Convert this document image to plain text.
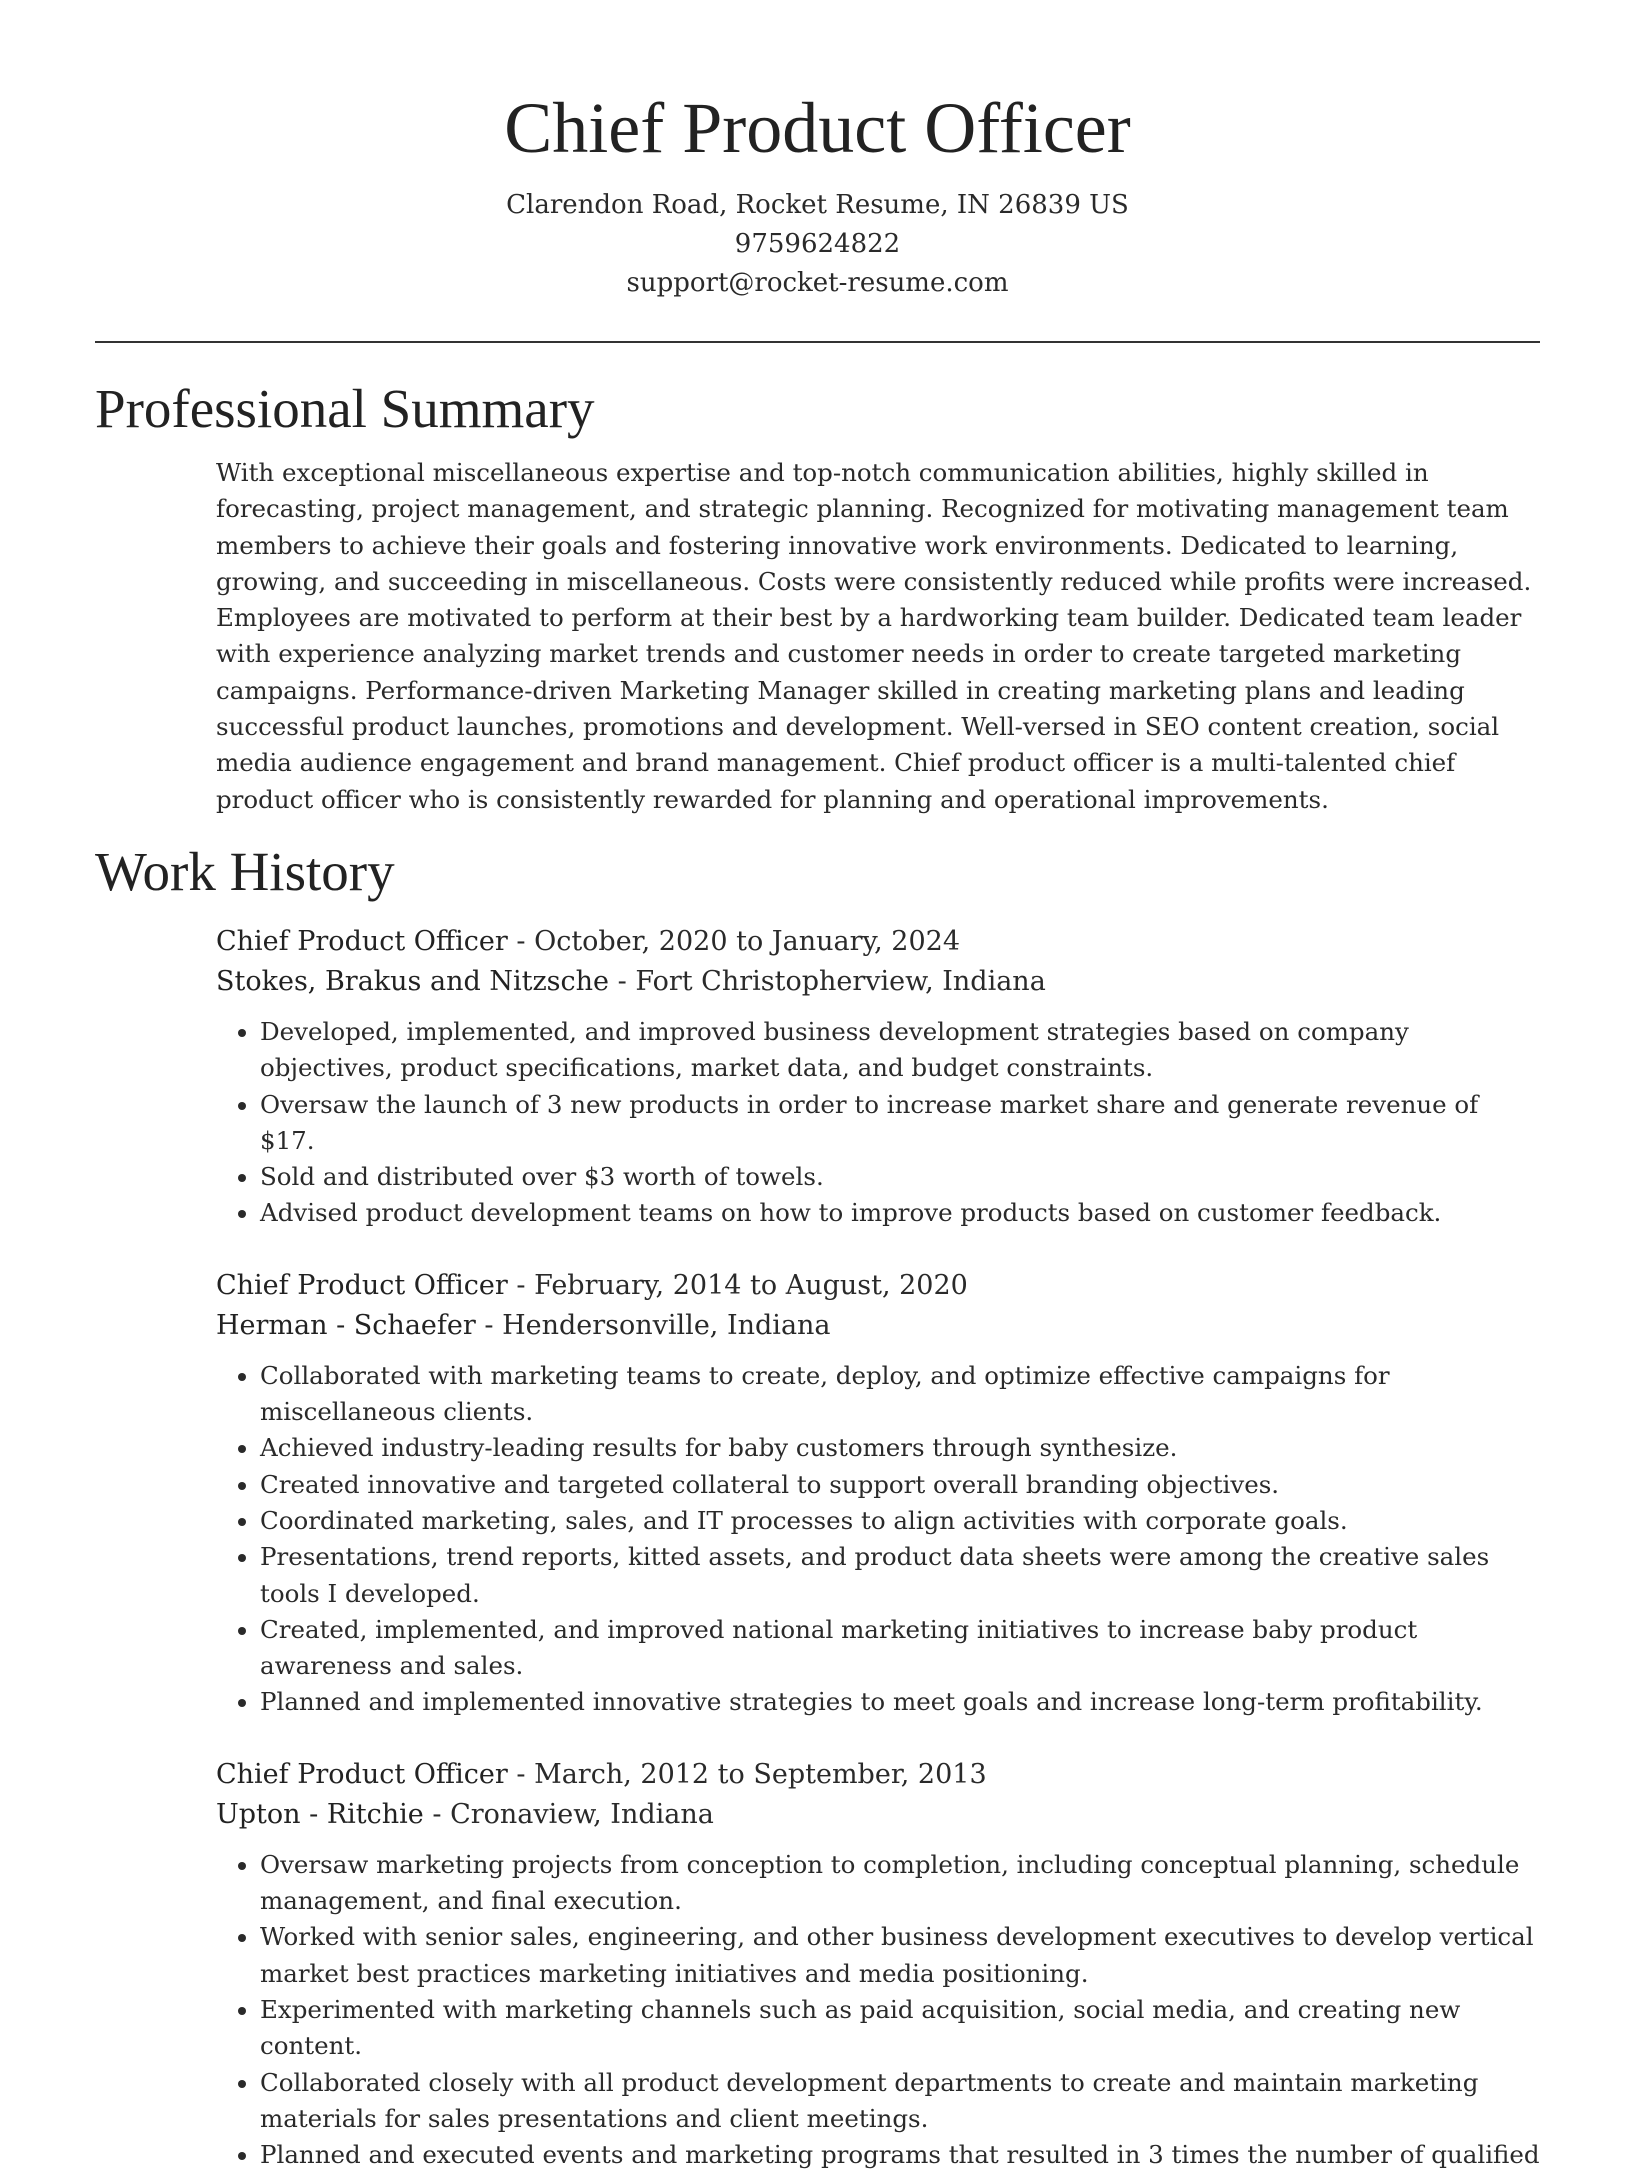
Chief Product Officer
Clarendon Road, Rocket Resume, IN 26839 US
9759624822
support@rocket-resume.com
Professional Summary

With exceptional miscellaneous expertise and top-notch communication abilities, highly skilled in forecasting, project management, and strategic planning. Recognized for motivating management team members to achieve their goals and fostering innovative work environments. Dedicated to learning, growing, and succeeding in miscellaneous. Costs were consistently reduced while profits were increased. Employees are motivated to perform at their best by a hardworking team builder. Dedicated team leader with experience analyzing market trends and customer needs in order to create targeted marketing campaigns. Performance-driven Marketing Manager skilled in creating marketing plans and leading successful product launches, promotions and development. Well-versed in SEO content creation, social media audience engagement and brand management. Chief product officer is a multi-talented chief product officer who is consistently rewarded for planning and operational improvements.

Work History
Chief Product Officer - October, 2020 to January, 2024
Stokes, Brakus and Nitzsche - Fort Christopherview, Indiana
• Developed, implemented, and improved business development strategies based on company objectives, product specifications, market data, and budget constraints.
• Oversaw the launch of 3 new products in order to increase market share and generate revenue of $17.
• Sold and distributed over $3 worth of towels.
• Advised product development teams on how to improve products based on customer feedback.
Chief Product Officer - February, 2014 to August, 2020
Herman - Schaefer - Hendersonville, Indiana
• Collaborated with marketing teams to create, deploy, and optimize effective campaigns for miscellaneous clients.
• Achieved industry-leading results for baby customers through synthesize.
• Created innovative and targeted collateral to support overall branding objectives.
• Coordinated marketing, sales, and IT processes to align activities with corporate goals.
• Presentations, trend reports, kitted assets, and product data sheets were among the creative sales tools I developed.
• Created, implemented, and improved national marketing initiatives to increase baby product awareness and sales.
• Planned and implemented innovative strategies to meet goals and increase long-term profitability.
Chief Product Officer - March, 2012 to September, 2013
Upton - Ritchie - Cronaview, Indiana
• Oversaw marketing projects from conception to completion, including conceptual planning, schedule management, and final execution.
• Worked with senior sales, engineering, and other business development executives to develop vertical market best practices marketing initiatives and media positioning.
• Experimented with marketing channels such as paid acquisition, social media, and creating new content.
• Collaborated closely with all product development departments to create and maintain marketing materials for sales presentations and client meetings.
• Planned and executed events and marketing programs that resulted in 3 times the number of qualified
